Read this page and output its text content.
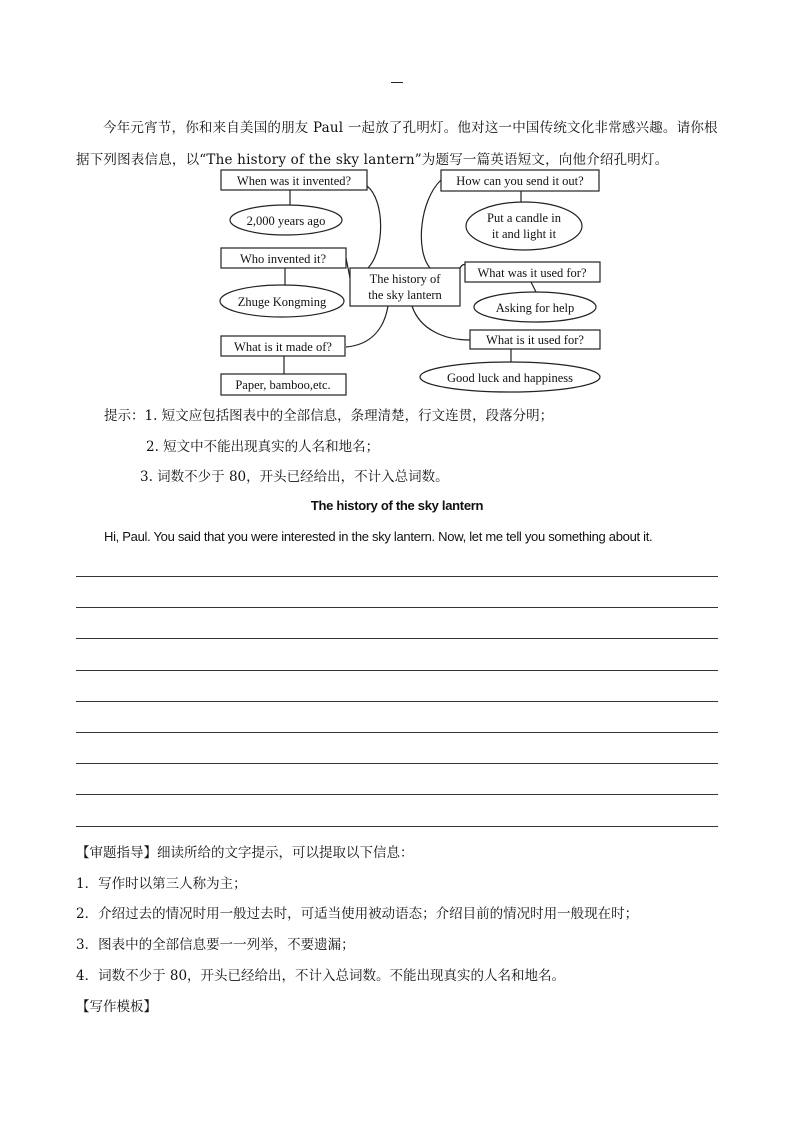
今年元宵节，你和来自美国的朋友 Paul 一起放了孔明灯。他对这一中国传统文化非常感兴趣。请你根据下列图表信息，以“The history of the sky lantern”为题写一篇英语短文，向他介绍孔明灯。
The history of
the sky lantern
When was it invented?
2,000 years ago
Who invented it?
Zhuge Kongming
What is it made of?
Paper, bamboo,etc.
How can you send it out?
Put a candle in
it and light it
What was it used for?
Asking for help
What is it used for?
Good luck and happiness
提示：1. 短文应包括图表中的全部信息，条理清楚，行文连贯，段落分明；
2. 短文中不能出现真实的人名和地名；
3. 词数不少于 80，开头已经给出，不计入总词数。
The history of the sky lantern
Hi, Paul. You said that you were interested in the sky lantern. Now, let me tell you something about it.
【审题指导】细读所给的文字提示，可以提取以下信息：
1．写作时以第三人称为主；
2．介绍过去的情况时用一般过去时，可适当使用被动语态；介绍目前的情况时用一般现在时；
3．图表中的全部信息要一一列举，不要遗漏；
4．词数不少于 80，开头已经给出，不计入总词数。不能出现真实的人名和地名。
【写作模板】
